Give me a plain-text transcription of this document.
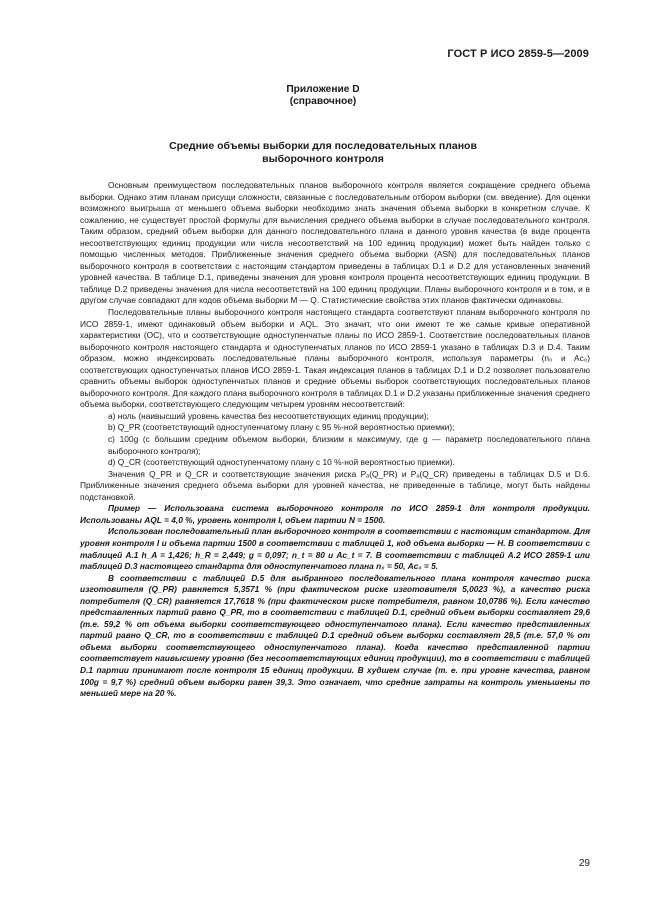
ГОСТ Р ИСО 2859-5—2009
Приложение D
(справочное)
Средние объемы выборки для последовательных планов
выборочного контроля

Основным преимуществом последовательных планов выборочного контроля является сокращение среднего объема выборки. Однако этим планам присущи сложности, связанные с последовательным отбором выборки (см. введение). Для оценки возможного выигрыша от меньшего объема выборки необходимо знать значения объема выборки в конкретном случае. К сожалению, не существует простой формулы для вычисления среднего объема выборки в случае последовательного контроля. Таким образом, средний объем выборки для данного последовательного плана и данного уровня качества (в виде процента несоответствующих единиц продукции или числа несоответствий на 100 единиц продукции) может быть найден только с помощью численных методов. Приближенные значения среднего объема выборки (ASN) для последовательных планов выборочного контроля в соответствии с настоящим стандартом приведены в таблицах D.1 и D.2 для установленных значений уровней качества. В таблице D.1, приведены значения для уровня контроля процента несоответствующих единиц продукции. В таблице D.2 приведены значения для числа несоответствий на 100 единиц продукции. Планы выборочного контроля и в том, и в другом случае совпадают для кодов объема выборки М — Q. Статистические свойства этих планов фактически одинаковы.

Последовательные планы выборочного контроля настоящего стандарта соответствуют планам выборочного контроля по ИСО 2859-1, имеют одинаковый объем выборки и AQL. Это значит, что они имеют те же самые кривые оперативной характеристики (ОС), что и соответствующие одноступенчатые планы по ИСО 2859-1. Соответствие последовательных планов выборочного контроля настоящего стандарта и одноступенчатых планов по ИСО 2859-1 указано в таблицах D.3 и D.4. Таким образом, можно индексировать последовательные планы выборочного контроля, используя параметры (n₀ и Ac₀) соответствующих одноступенчатых планов ИСО 2859-1. Такая индексация планов в таблицах D.1 и D.2 позволяет пользователю сравнить объемы выборок одноступенчатых планов и средние объемы выборок соответствующих последовательных планов выборочного контроля. Для каждого плана выборочного контроля в таблицах D.1 и D.2 указаны приближенные значения среднего объема выборки, соответствующего следующим четырем уровням несоответствий:

a) ноль (наивысший уровень качества без несоответствующих единиц продукции);

b) Q_PR (соответствующий одноступенчатому плану с 95 %-ной вероятностью приемки);

c) 100g (с большим средним объемом выборки, близким к максимуму, где g — параметр последовательного плана выборочного контроля);

d) Q_CR (соответствующий одноступенчатому плану с 10 %-ной вероятностью приемки).

Значения Q_PR и Q_CR и соответствующие значения риска Pₐ(Q_PR) и Pₐ(Q_CR) приведены в таблицах D.5 и D.6. Приближенные значения среднего объема выборки для уровней качества, не приведенные в таблице, могут быть найдены подстановкой.

Пример — Использована система выборочного контроля по ИСО 2859-1 для контроля продукции. Использованы AQL = 4,0 %, уровень контроля I, объем партии N = 1500.

Использован последовательный план выборочного контроля в соответствии с настоящим стандартом. Для уровня контроля I и объема партии 1500 в соответствии с таблицей 1, код объема выборки — H. В соответствии с таблицей А.1 h_A = 1,426; h_R = 2,449; g = 0,097; n_t = 80 и Ac_t = 7. В соответствии с таблицей А.2 ИСО 2859-1 или таблицей D.3 настоящего стандарта для одноступенчатого плана n₀ = 50, Ac₀ = 5.

В соответствии с таблицей D.5 для выбранного последовательного плана контроля качество риска изготовителя (Q_PR) равняется 5,3571 % (при фактическом риске изготовителя 5,0023 %), а качество риска потребителя (Q_CR) равняется 17,7618 % (при фактическом риске потребителя, равном 10,0786 %). Если качество представленных партий равно Q_PR, то в соответствии с таблицей D.1, средний объем выборки составляет 29,6 (т.е. 59,2 % от объема выборки соответствующего одноступенчатого плана). Если качество представленных партий равно Q_CR, то в соответствии с таблицей D.1 средний объем выборки составляет 28,5 (т.е. 57,0 % от объема выборки соответствующего одноступенчатого плана). Когда качество представленной партии соответствует наивысшему уровню (без несоответствующих единиц продукции), то в соответствии с таблицей D.1 партии принимают после контроля 15 единиц продукции. В худшем случае (т. е. при уровне качества, равном 100g = 9,7 %) средний объем выборки равен 39,3. Это означает, что средние затраты на контроль уменьшены по меньшей мере на 20 %.

29
